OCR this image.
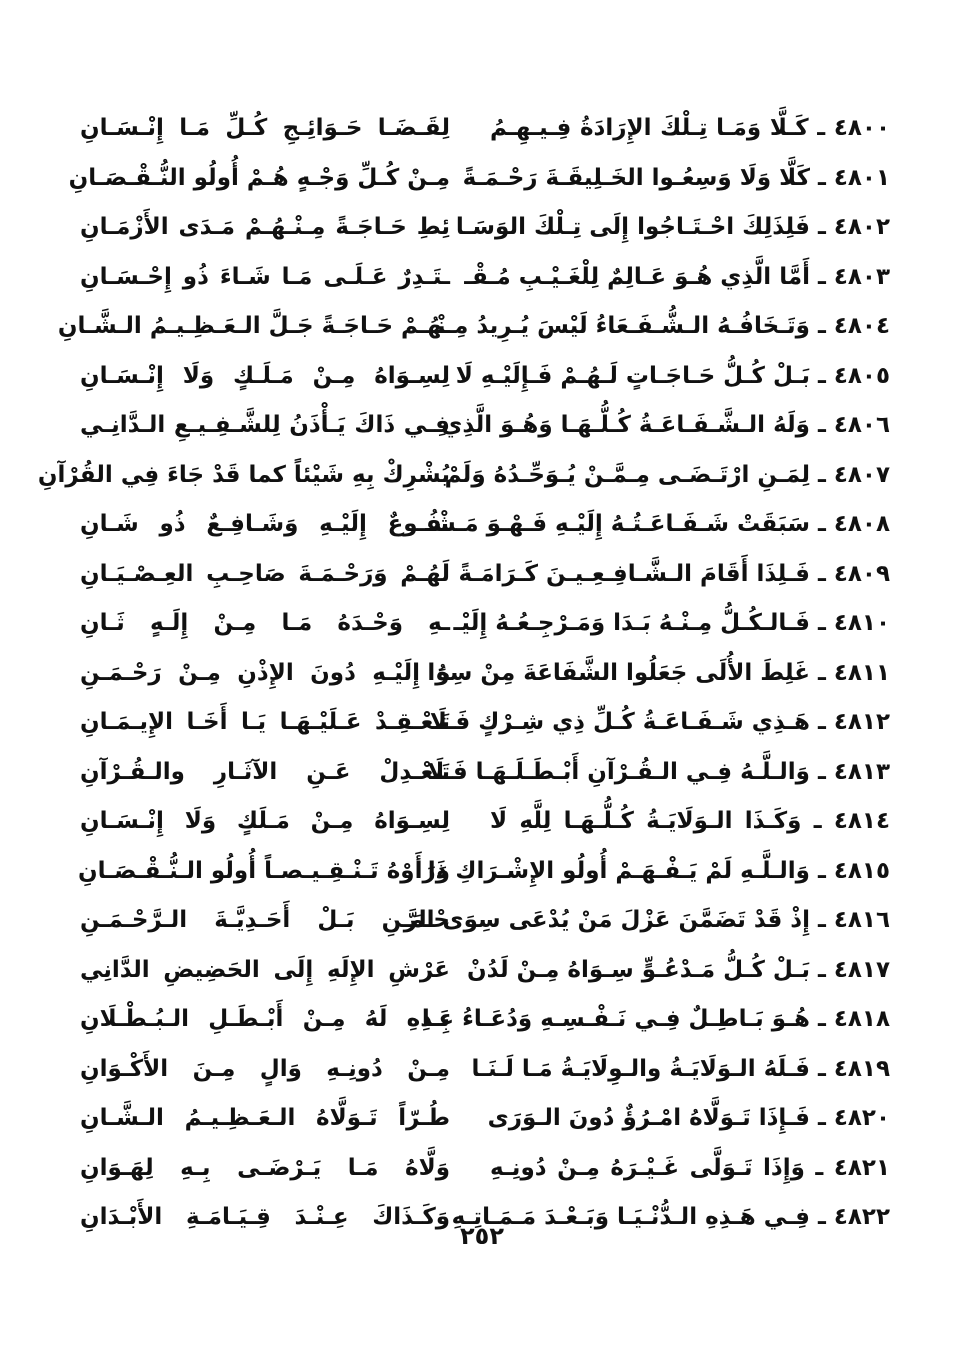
٤٨٠٠ ـ كَـلَّا وَمَـا تِـلْكَ الإِرَادَةُ فِـيـهِـمُ
لِقَـضَـا حَـوَائِـجِ كُـلِّ مَـا إِنْـسَـانِ
٤٨٠١ ـ كَلَّا وَلَا وَسِعُـوا الخَـلِيقَـةَ رَحْـمَـةً
مِـنْ كُـلِّ وَجْـهٍ هُـمْ أُولُو النُّـقْـصَـانِ
٤٨٠٢ ـ فَلِذَلِكَ احْـتَـاجُوا إِلَى تِـلْكَ الوَسَـا
ئِطِ حَـاجَـةً مِـنْـهُـمْ مَـدَى الأَزْمَـانِ
٤٨٠٣ ـ أَمَّا الَّذِي هُـوَ عَـالِمٌ لِلْغَـيْـبِ مُـقْـ
ـتَـدِرٌ عَـلَـى مَـا شَـاءَ ذُو إِحْـسَـانِ
٤٨٠٤ ـ وَتَـخَافُـهُ الـشُّـفَـعَاءُ لَيْسَ يُـرِيدُ مِـنْـ
ـهُـمْ حَـاجَـةً جَـلَّ الـعَـظِـيـمُ الـشَّـانِ
٤٨٠٥ ـ بَـلْ كُـلُّ حَـاجَـاتٍ لَـهُـمْ فَـإِلَيْـهِ لَا
لِسِـوَاهُ مِـنْ مَـلَـكٍ وَلَا إِنْـسَـانِ
٤٨٠٦ ـ وَلَهُ الـشَّـفَـاعَـةُ كُـلُّـهَـا وَهُـوَ الَّذِي
فِـي ذَاكَ يَـأْذَنُ لِلشَّـفِـيـعِ الـدَّانِـي
٤٨٠٧ ـ لِمَـنِ ارْتَـضَـى مِـمَّـنْ يُـوَحِّـدُهُ وَلَمْ
يُشْرِكْ بِهِ شَيْئاً كما قَدْ جَاءَ فِي القُرْآنِ
٤٨٠٨ ـ سَبَقَتْ شَـفَـاعَـتُـهُ إِلَيْـهِ فَـهْـوَ مَـشْـ
ـفُـوعٌ إِلَيْـهِ وَشَـافِـعٌ ذُو شَـانِ
٤٨٠٩ ـ فَـلِذَا أَقَامَ الـشَّـافِـعِـيـنَ كَـرَامَـةً
لَهُـمْ وَرَحْـمَـةَ صَاحِـبِ العِـصْـيَـانِ
٤٨١٠ ـ فَـالـكُـلُّ مِـنْـهُ بَـدَا وَمَـرْجِـعُـهُ إِلَيْـ
ـهِ وَحْـدَهُ مَـا مِـنْ إِلَـهٍ ثَـانِ
٤٨١١ ـ غَلِطَ الأُلَى جَعَلُوا الشَّفَاعَةَ مِنْ سِوَا
هُ إِلَيْـهِ دُونَ الإِذْنِ مِـنْ رَحْـمَـنِ
٤٨١٢ ـ هَـذِي شَـفَـاعَـةُ كُـلِّ ذِي شِـرْكٍ فَـلَا
تَـعْـقِـدْ عَـلَيْـهَـا يَـا أَخَـا الإِيـمَـانِ
٤٨١٣ ـ وَالـلَّـهُ فِـي الـقُـرْآنِ أَبْـطَـلَـهَـا فَـلَا
تَـعْـدِلْ عَـنِ الآثَـارِ والـقُـرْآنِ
٤٨١٤ ـ وَكَـذَا الـوَلَايَـةُ كُـلُّـهَـا لِلَّهِ لَا
لِسِـوَاهُ مِـنْ مَـلَكٍ وَلَا إِنْـسَـانِ
٤٨١٥ ـ وَالـلَّـهِ لَمْ يَـفْـهَـمْ أُولُو الإِشْـرَاكِ ذَا
وَرَأَوْهُ تَـنْـقِـيـصـاً أُولُو الـنُّـقْـصَـانِ
٤٨١٦ ـ إِذْ قَدْ تَضَمَّنَ عَزْلَ مَنْ يُدْعَى سِوَى الرَّ
حْـمَـنِ بَـلْ أَحَـدِيَّـةَ الـرَّحْـمَـنِ
٤٨١٧ ـ بَـلْ كُـلُّ مَـدْعُـوٍّ سِـوَاهُ مِـنْ لَدُنْ
عَرْشِ الإِلَهِ إِلَى الحَضِيضِ الدَّانِي
٤٨١٨ ـ هُـوَ بَـاطِـلٌ فِـي نَـفْـسِـهِ وَدُعَـاءُ عَـا
بِـدِهِ لَهُ مِـنْ أَبْـطَـلِ الـبُـطْـلَانِ
٤٨١٩ ـ فَـلَهُ الـوَلَايَـةُ والـوِلَايَـةُ مَـا لَـنَـا
مِـنْ دُونِـهِ وَالٍ مِـنَ الأَكْـوَانِ
٤٨٢٠ ـ فَـإِذَا تَـوَلَّاهُ امْـرُؤٌ دُونَ الـوَرَى
طُـرّاً تَـوَلَّاهُ الـعَـظِـيـمُ الـشَّـانِ
٤٨٢١ ـ وَإِذَا تَـوَلَّى غَـيْـرَهُ مِـنْ دُونِـهِ
وَلَّاهُ مَـا يَـرْضَـى بِـهِ لِهَـوَانِ
٤٨٢٢ ـ فِـي هَـذِهِ الـدُّنْـيَـا وَبَـعْـدَ مَـمَـاتِـهِ
وَكَـذَاكَ عِـنْـدَ قِـيَـامَـةِ الأَبْـدَانِ
٢٥٢
